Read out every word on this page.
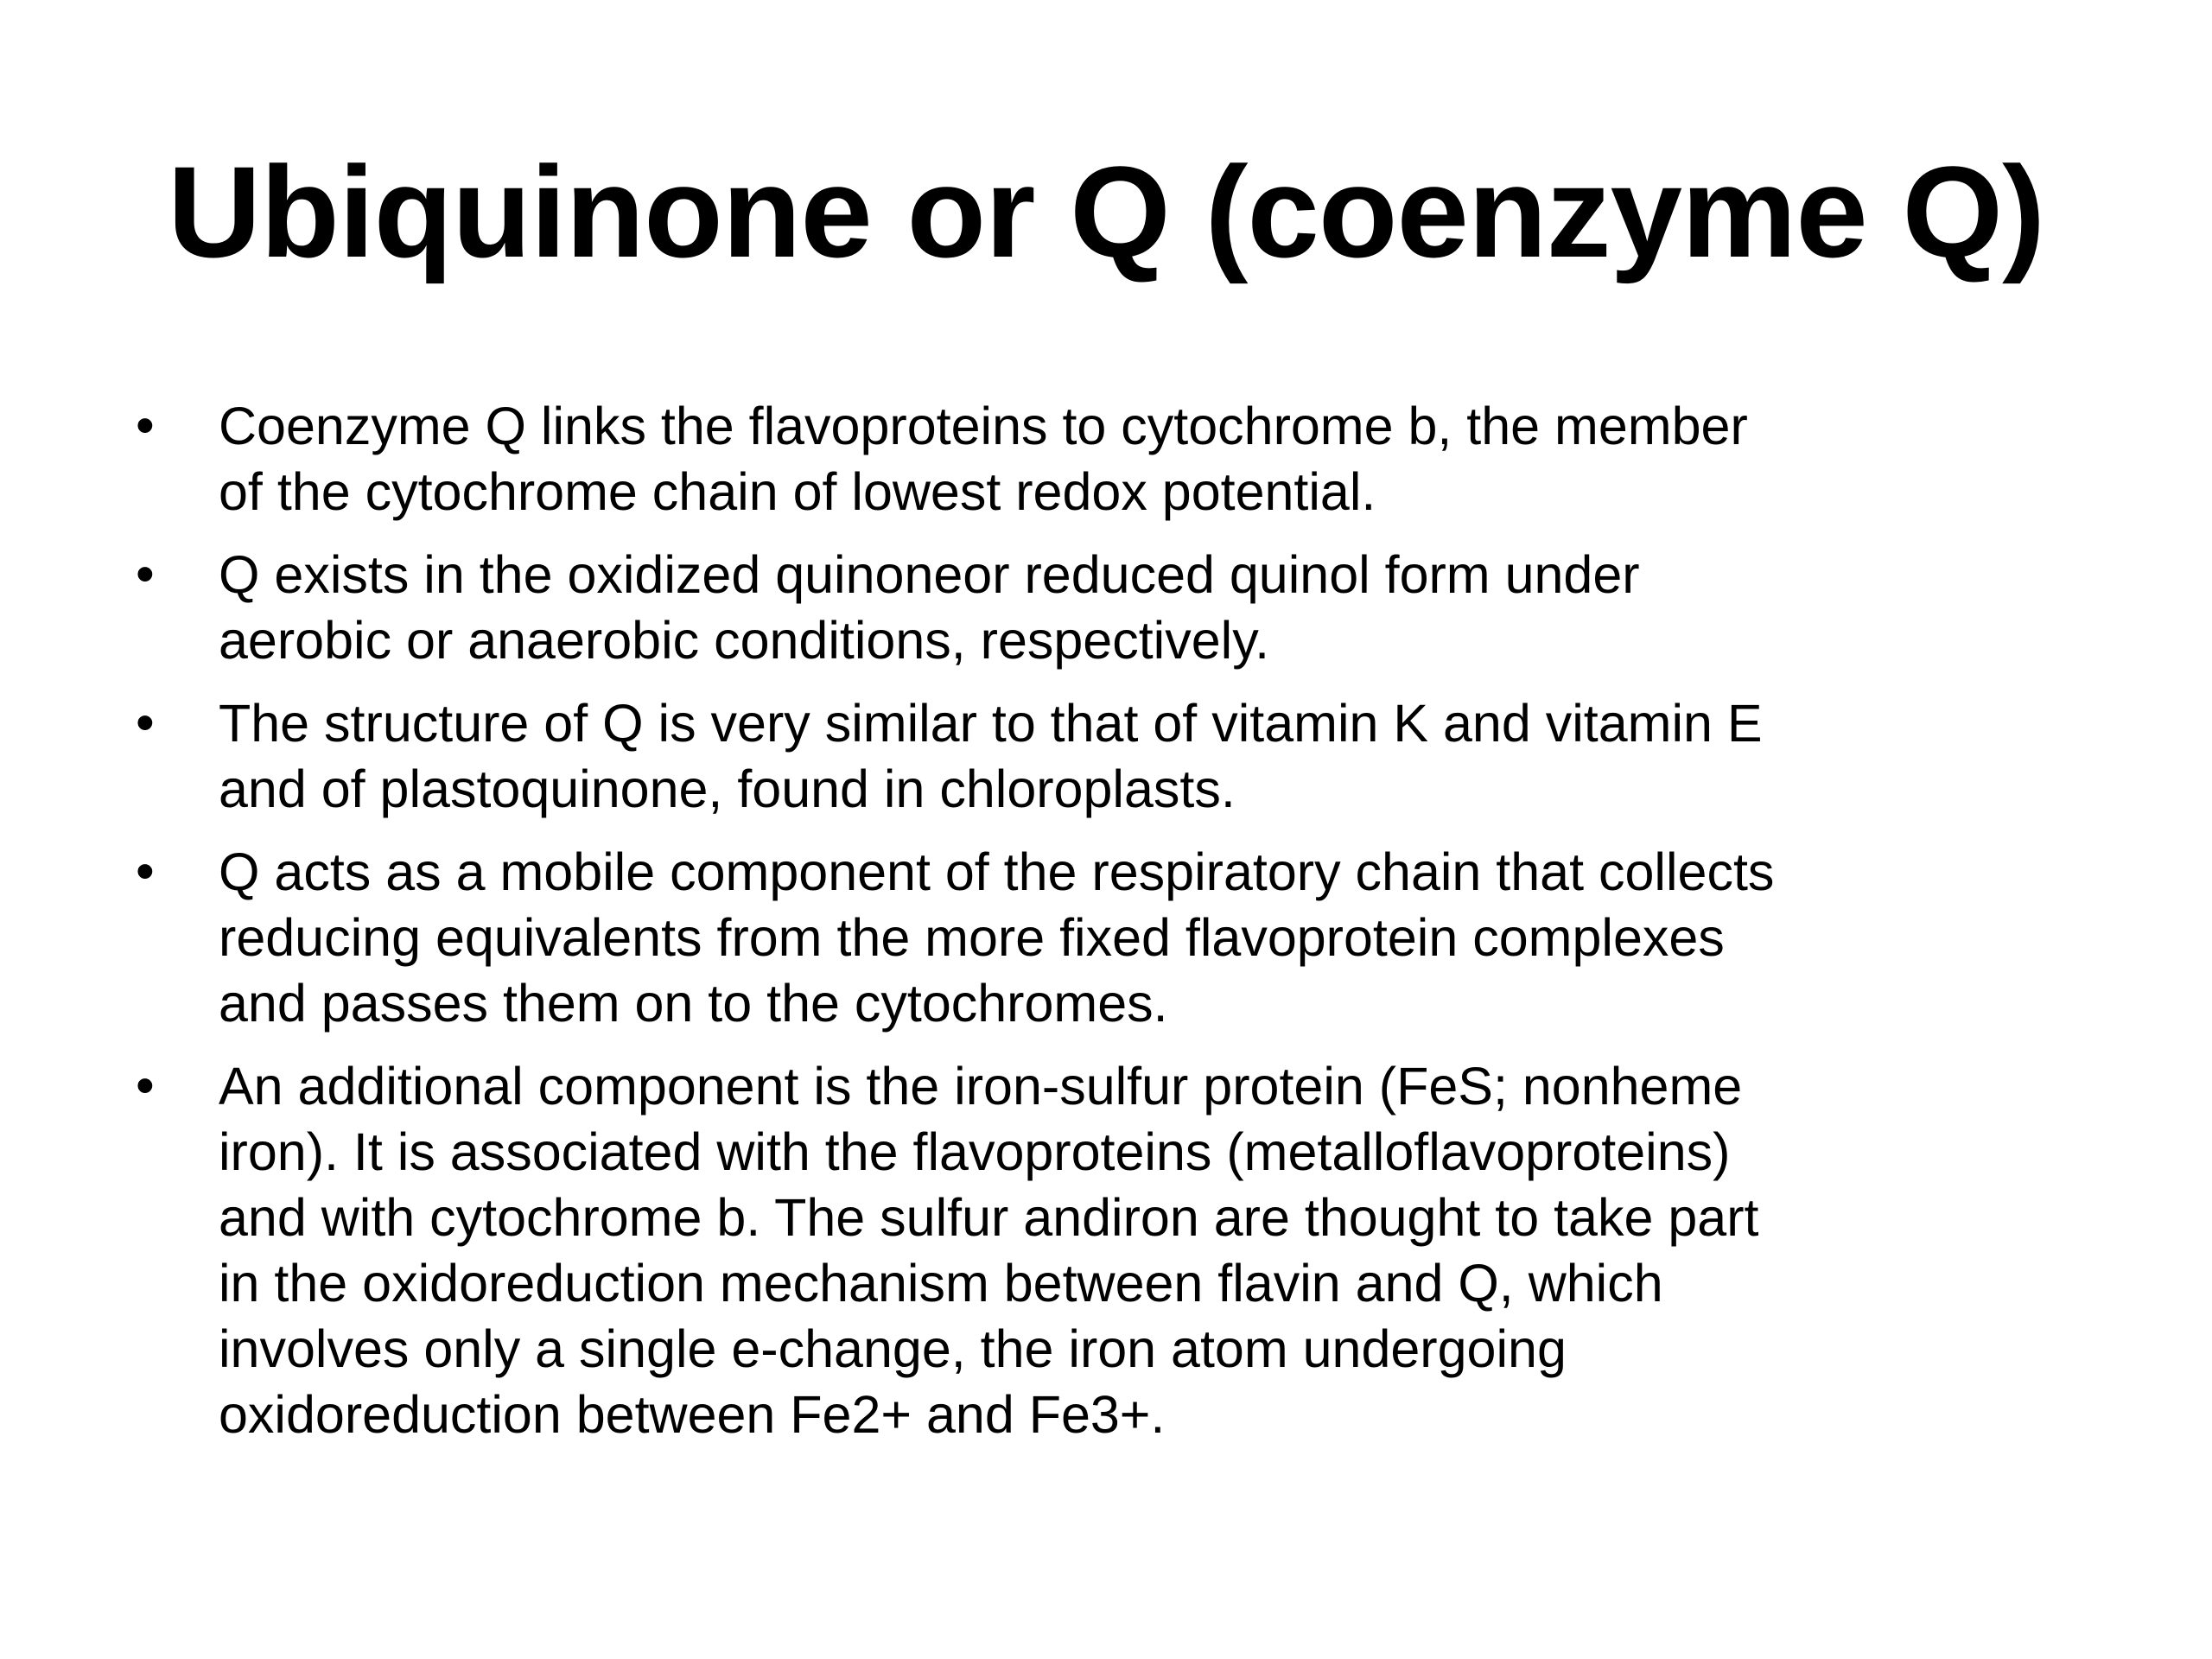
Ubiquinone or Q (coenzyme Q)
• Coenzyme Q links the flavoproteins to cytochrome b, the member
of the cytochrome chain of lowest redox potential.
• Q exists in the oxidized quinoneor reduced quinol form under
aerobic or anaerobic conditions, respectively.
• The structure of Q is very similar to that of vitamin K and vitamin E
and of plastoquinone, found in chloroplasts.
• Q acts as a mobile component of the respiratory chain that collects
reducing equivalents from the more fixed flavoprotein complexes
and passes them on to the cytochromes.
• An additional component is the iron-sulfur protein (FeS; nonheme
iron). It is associated with the flavoproteins (metalloflavoproteins)
and with cytochrome b. The sulfur andiron are thought to take part
in the oxidoreduction mechanism between flavin and Q, which
involves only a single e-change, the iron atom undergoing
oxidoreduction between Fe2+ and Fe3+.
